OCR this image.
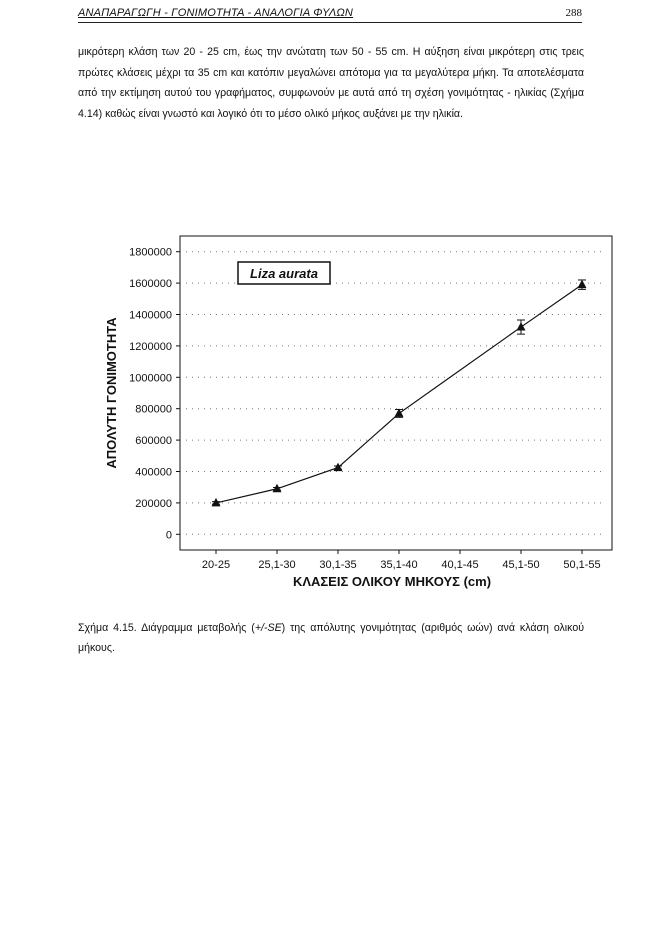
ΑΝΑΠΑΡΑΓΩΓΗ - ΓΟΝΙΜΟΤΗΤΑ - ΑΝΑΛΟΓΙΑ ΦΥΛΩΝ	288

μικρότερη κλάση των 20 - 25 cm, έως την ανώτατη των 50 - 55 cm. Η αύξηση είναι μικρότερη στις τρεις πρώτες κλάσεις μέχρι τα 35 cm και κατόπιν μεγαλώνει απότομα για τα μεγαλύτερα μήκη. Τα αποτελέσματα από την εκτίμηση αυτού του γραφήματος, συμφωνούν με αυτά από τη σχέση γονιμότητας - ηλικίας (Σχήμα 4.14) καθώς είναι γνωστό και λογικό ότι το μέσο ολικό μήκος αυξάνει με την ηλικία.

0
200000
400000
600000
800000
1000000
1200000
1400000
1600000
1800000
20-25	25,1-30 30,1-35 35,1-40 40,1-45 45,1-50 50,1-55
ΚΛΑΣΕΙΣ ΟΛΙΚΟΥ ΜΗΚΟΥΣ (cm)
ΑΠΟΛΥΤΗ ΓΟΝΙΜΟΤΗΤΑ
Liza aurata

Σχήμα 4.15. Διάγραμμα μεταβολής (+/-SE) της απόλυτης γονιμότητας (αριθμός ωών) ανά κλάση ολικού μήκους.
